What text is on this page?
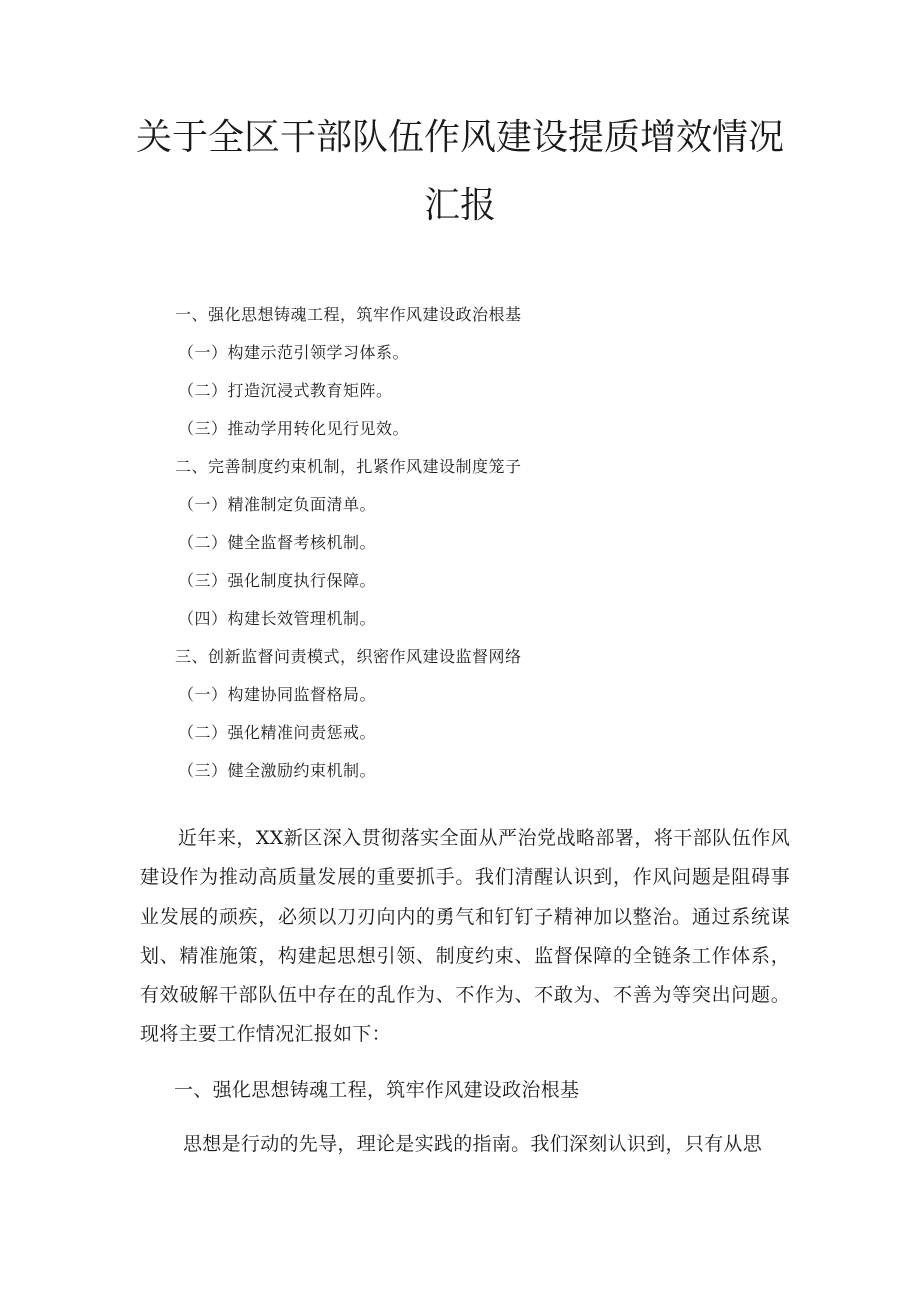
关于全区干部队伍作风建设提质增效情况
汇报
一、强化思想铸魂工程，筑牢作风建设政治根基
（一）构建示范引领学习体系。
（二）打造沉浸式教育矩阵。
（三）推动学用转化见行见效。
二、完善制度约束机制，扎紧作风建设制度笼子
（一）精准制定负面清单。
（二）健全监督考核机制。
（三）强化制度执行保障。
（四）构建长效管理机制。
三、创新监督问责模式，织密作风建设监督网络
（一）构建协同监督格局。
（二）强化精准问责惩戒。
（三）健全激励约束机制。

近年来，XX新区深入贯彻落实全面从严治党战略部署，将干部队伍作风建设作为推动高质量发展的重要抓手。我们清醒认识到，作风问题是阻碍事业发展的顽疾，必须以刀刃向内的勇气和钉钉子精神加以整治。通过系统谋划、精准施策，构建起思想引领、制度约束、监督保障的全链条工作体系，有效破解干部队伍中存在的乱作为、不作为、不敢为、不善为等突出问题。现将主要工作情况汇报如下：

一、强化思想铸魂工程，筑牢作风建设政治根基

思想是行动的先导，理论是实践的指南。我们深刻认识到，只有从思
